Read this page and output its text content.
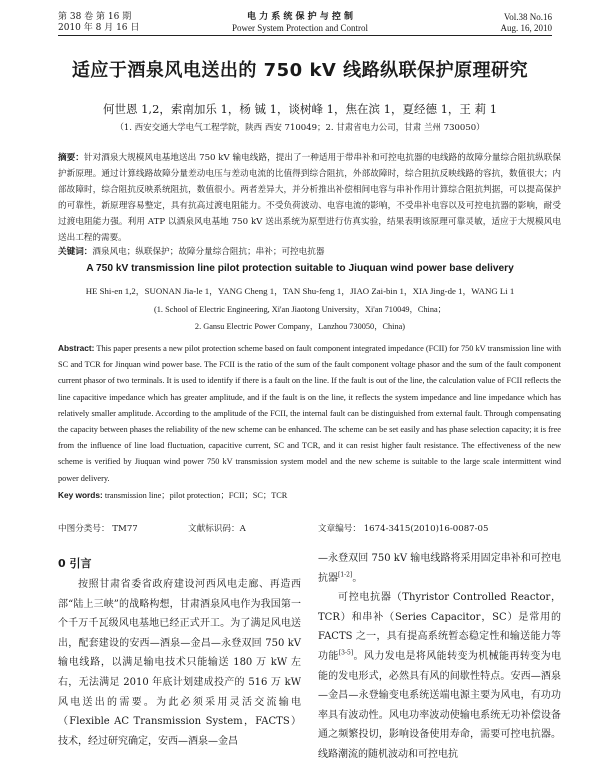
第 38 卷 第 16 期
2010 年 8 月 16 日
电 力 系 统 保 护 与 控 制
Power System Protection and Control
Vol.38 No.16
Aug. 16, 2010
适应于酒泉风电送出的 750 kV 线路纵联保护原理研究
何世恩 1,2，索南加乐 1，杨 铖 1，谈树峰 1，焦在滨 1，夏经德 1，王 莉 1
（1. 西安交通大学电气工程学院，陕西 西安 710049；2. 甘肃省电力公司，甘肃 兰州 730050）
摘要：针对酒泉大规模风电基地送出 750 kV 输电线路，提出了一种适用于带串补和可控电抗器的电线路的故障分量综合阻抗纵联保护新原理。通过计算线路故障分量差动电压与差动电流的比值得到综合阻抗，外部故障时，综合阻抗反映线路的容抗，数值很大；内部故障时，综合阻抗反映系统阻抗，数值很小。两者差异大，并分析推出补偿相间电容与串补作用计算综合阻抗判据，可以提高保护的可靠性，新原理容易整定，具有抗高过渡电阻能力。不受负荷波动、电容电流的影响，不受串补电容以及可控电抗器的影响，耐受过渡电阻能力强。利用 ATP 以酒泉风电基地 750 kV 送出系统为原型进行仿真实验，结果表明该原理可靠灵敏，适应于大规模风电送出工程的需要。
关键词：酒泉风电；纵联保护；故障分量综合阻抗；串补；可控电抗器
A 750 kV transmission line pilot protection suitable to Jiuquan wind power base delivery
HE Shi-en 1,2，SUONAN Jia-le 1，YANG Cheng 1，TAN Shu-feng 1，JIAO Zai-bin 1，XIA Jing-de 1，WANG Li 1
(1. School of Electric Engineering, Xi'an Jiaotong University，Xi'an 710049，China；
2. Gansu Electric Power Company，Lanzhou 730050，China)
Abstract: This paper presents a new pilot protection scheme based on fault component integrated impedance (FCII) for 750 kV transmission line with SC and TCR for Jinquan wind power base. The FCII is the ratio of the sum of the fault component voltage phasor and the sum of the fault component current phasor of two terminals. It is used to identify if there is a fault on the line. If the fault is out of the line, the calculation value of FCII reflects the line capacitive impedance which has greater amplitude, and if the fault is on the line, it reflects the system impedance and line impedance which has relatively smaller amplitude. According to the amplitude of the FCII, the internal fault can be distinguished from external fault. Through compensating the capacity between phases the reliability of the new scheme can be enhanced. The scheme can be set easily and has phase selection capacity; it is free from the influence of line load fluctuation, capacitive current, SC and TCR, and it can resist higher fault resistance. The effectiveness of the new scheme is verified by Jiuquan wind power 750 kV transmission system model and the new scheme is suitable to the large scale intermittent wind power delivery.
Key words: transmission line；pilot protection；FCII；SC；TCR
中图分类号： TM77	文献标识码：A	文章编号： 1674-3415(2010)16-0087-05
0 引言
按照甘肃省委省政府建设河西风电走廊、再造西部“陆上三峡”的战略构想，甘肃酒泉风电作为我国第一个千万千瓦级风电基地已经正式开工。为了满足风电送出，配套建设的安西—酒泉—金昌—永登双回 750 kV 输电线路，以满足输电技术只能输送 180 万 kW 左右，无法满足 2010 年底计划建成投产的 516 万 kW 风电送出的需要。为此必须采用灵活交流输电（Flexible AC Transmission System，FACTS）技术，经过研究确定，安西—酒泉—金昌
—永登双回 750 kV 输电线路将采用固定串补和可控电抗器[1-2]。
可控电抗器（Thyristor Controlled Reactor，TCR）和串补（Series Capacitor，SC）是常用的 FACTS 之一，具有提高系统暂态稳定性和输送能力等功能[3-5]。风力发电是将风能转变为机械能再转变为电能的发电形式，必然具有风的间歇性特点。安西—酒泉—金昌—永登输变电系统送端电源主要为风电，有功功率具有波动性。风电功率波动使输电系统无功补偿设备通之频繁投切，影响设备使用寿命，需要可控电抗器。线路潮流的随机波动和可控电抗
